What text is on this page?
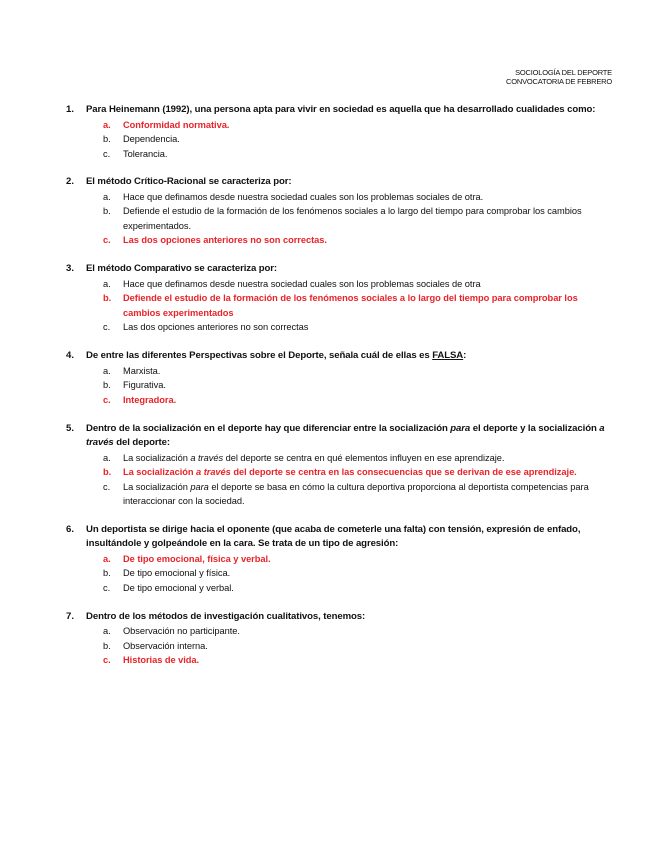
SOCIOLOGÍA DEL DEPORTE
CONVOCATORIA DE FEBRERO
1. Para Heinemann (1992), una persona apta para vivir en sociedad es aquella que ha desarrollado cualidades como:
a. Conformidad normativa.
b. Dependencia.
c. Tolerancia.
2. El método Crítico-Racional se caracteriza por:
a. Hace que definamos desde nuestra sociedad cuales son los problemas sociales de otra.
b. Defiende el estudio de la formación de los fenómenos sociales a lo largo del tiempo para comprobar los cambios experimentados.
c. Las dos opciones anteriores no son correctas.
3. El método Comparativo se caracteriza por:
a. Hace que definamos desde nuestra sociedad cuales son los problemas sociales de otra
b. Defiende el estudio de la formación de los fenómenos sociales a lo largo del tiempo para comprobar los cambios experimentados
c. Las dos opciones anteriores no son correctas
4. De entre las diferentes Perspectivas sobre el Deporte, señala cuál de ellas es FALSA:
a. Marxista.
b. Figurativa.
c. Integradora.
5. Dentro de la socialización en el deporte hay que diferenciar entre la socialización para el deporte y la socialización a través del deporte:
a. La socialización a través del deporte se centra en qué elementos influyen en ese aprendizaje.
b. La socialización a través del deporte se centra en las consecuencias que se derivan de ese aprendizaje.
c. La socialización para el deporte se basa en cómo la cultura deportiva proporciona al deportista competencias para interaccionar con la sociedad.
6. Un deportista se dirige hacia el oponente (que acaba de cometerle una falta) con tensión, expresión de enfado, insultándole y golpeándole en la cara. Se trata de un tipo de agresión:
a. De tipo emocional, física y verbal.
b. De tipo emocional y física.
c. De tipo emocional y verbal.
7. Dentro de los métodos de investigación cualitativos, tenemos:
a. Observación no participante.
b. Observación interna.
c. Historias de vida.
